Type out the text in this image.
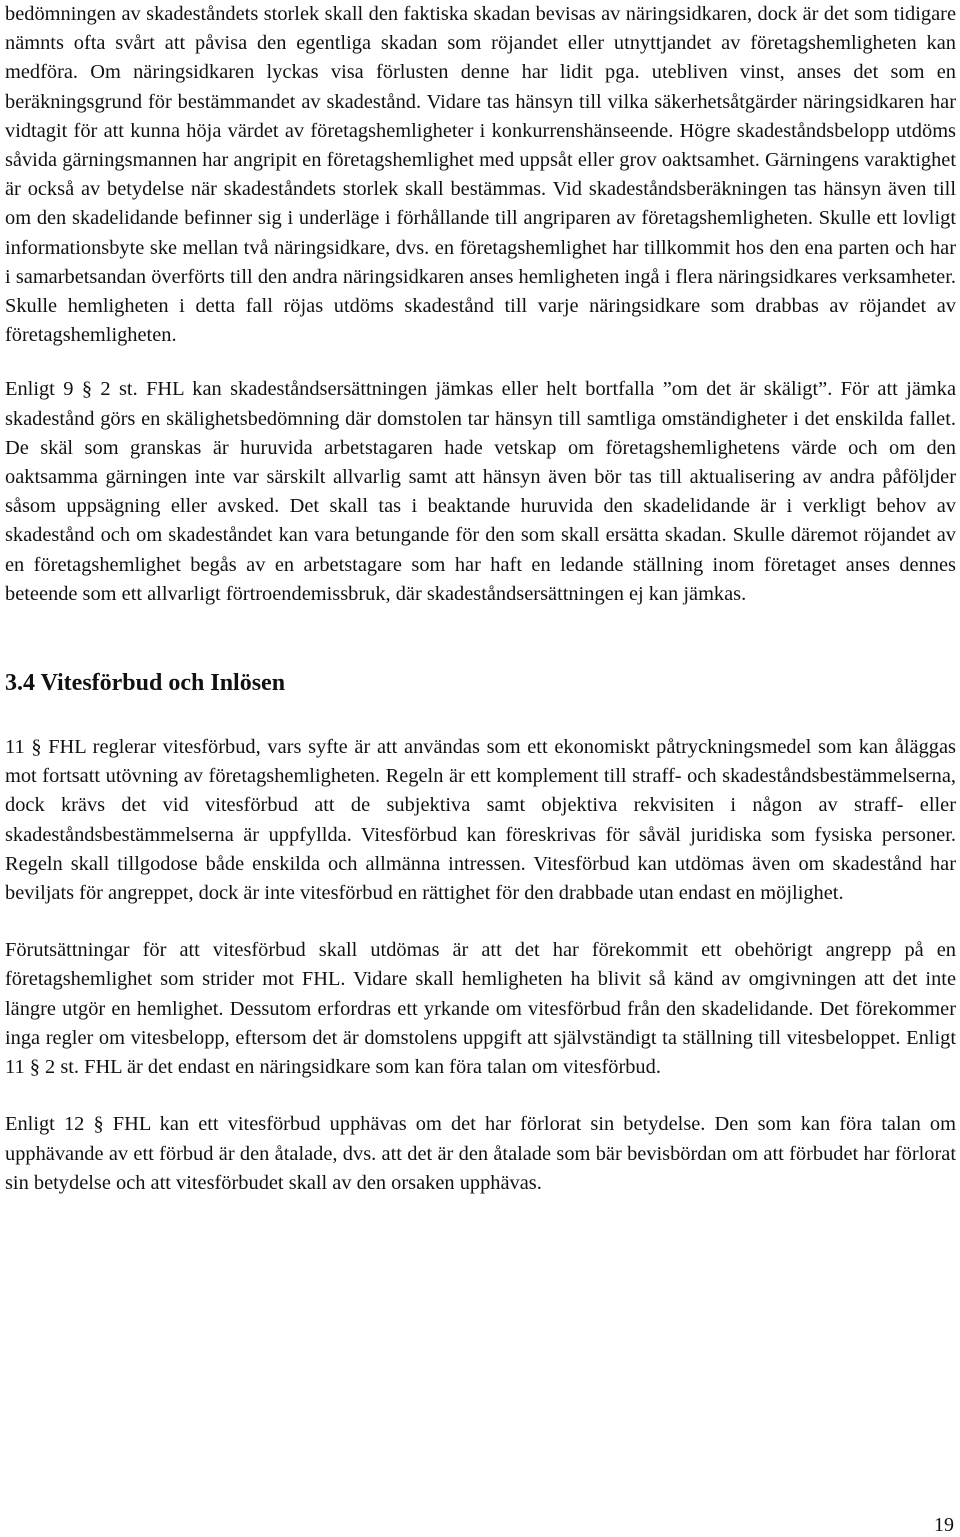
bedömningen av skadeståndets storlek skall den faktiska skadan bevisas av näringsidkaren, dock är det som tidigare nämnts ofta svårt att påvisa den egentliga skadan som röjandet eller utnyttjandet av företagshemligheten kan medföra. Om näringsidkaren lyckas visa förlusten denne har lidit pga. utebliven vinst, anses det som en beräkningsgrund för bestämmandet av skadestånd. Vidare tas hänsyn till vilka säkerhetsåtgärder näringsidkaren har vidtagit för att kunna höja värdet av företagshemligheter i konkurrenshänseende. Högre skadeståndsbelopp utdöms såvida gärningsmannen har angripit en företagshemlighet med uppsåt eller grov oaktsamhet. Gärningens varaktighet är också av betydelse när skadeståndets storlek skall bestämmas. Vid skadeståndsberäkningen tas hänsyn även till om den skadelidande befinner sig i underläge i förhållande till angriparen av företagshemligheten. Skulle ett lovligt informationsbyte ske mellan två näringsidkare, dvs. en företagshemlighet har tillkommit hos den ena parten och har i samarbetsandan överförts till den andra näringsidkaren anses hemligheten ingå i flera näringsidkares verksamheter. Skulle hemligheten i detta fall röjas utdöms skadestånd till varje näringsidkare som drabbas av röjandet av företagshemligheten.

Enligt 9 § 2 st. FHL kan skadeståndsersättningen jämkas eller helt bortfalla ”om det är skäligt”. För att jämka skadestånd görs en skälighetsbedömning där domstolen tar hänsyn till samtliga omständigheter i det enskilda fallet. De skäl som granskas är huruvida arbetstagaren hade vetskap om företagshemlighetens värde och om den oaktsamma gärningen inte var särskilt allvarlig samt att hänsyn även bör tas till aktualisering av andra påföljder såsom uppsägning eller avsked. Det skall tas i beaktande huruvida den skadelidande är i verkligt behov av skadestånd och om skadeståndet kan vara betungande för den som skall ersätta skadan. Skulle däremot röjandet av en företagshemlighet begås av en arbetstagare som har haft en ledande ställning inom företaget anses dennes beteende som ett allvarligt förtroendemissbruk, där skadeståndsersättningen ej kan jämkas.

3.4 Vitesförbud och Inlösen

11 § FHL reglerar vitesförbud, vars syfte är att användas som ett ekonomiskt påtryckningsmedel som kan åläggas mot fortsatt utövning av företagshemligheten. Regeln är ett komplement till straff- och skadeståndsbestämmelserna, dock krävs det vid vitesförbud att de subjektiva samt objektiva rekvisiten i någon av straff- eller skadeståndsbestämmelserna är uppfyllda. Vitesförbud kan föreskrivas för såväl juridiska som fysiska personer. Regeln skall tillgodose både enskilda och allmänna intressen. Vitesförbud kan utdömas även om skadestånd har beviljats för angreppet, dock är inte vitesförbud en rättighet för den drabbade utan endast en möjlighet.

Förutsättningar för att vitesförbud skall utdömas är att det har förekommit ett obehörigt angrepp på en företagshemlighet som strider mot FHL. Vidare skall hemligheten ha blivit så känd av omgivningen att det inte längre utgör en hemlighet. Dessutom erfordras ett yrkande om vitesförbud från den skadelidande. Det förekommer inga regler om vitesbelopp, eftersom det är domstolens uppgift att självständigt ta ställning till vitesbeloppet. Enligt 11 § 2 st. FHL är det endast en näringsidkare som kan föra talan om vitesförbud.

Enligt 12 § FHL kan ett vitesförbud upphävas om det har förlorat sin betydelse. Den som kan föra talan om upphävande av ett förbud är den åtalade, dvs. att det är den åtalade som bär bevisbördan om att förbudet har förlorat sin betydelse och att vitesförbudet skall av den orsaken upphävas.

19
